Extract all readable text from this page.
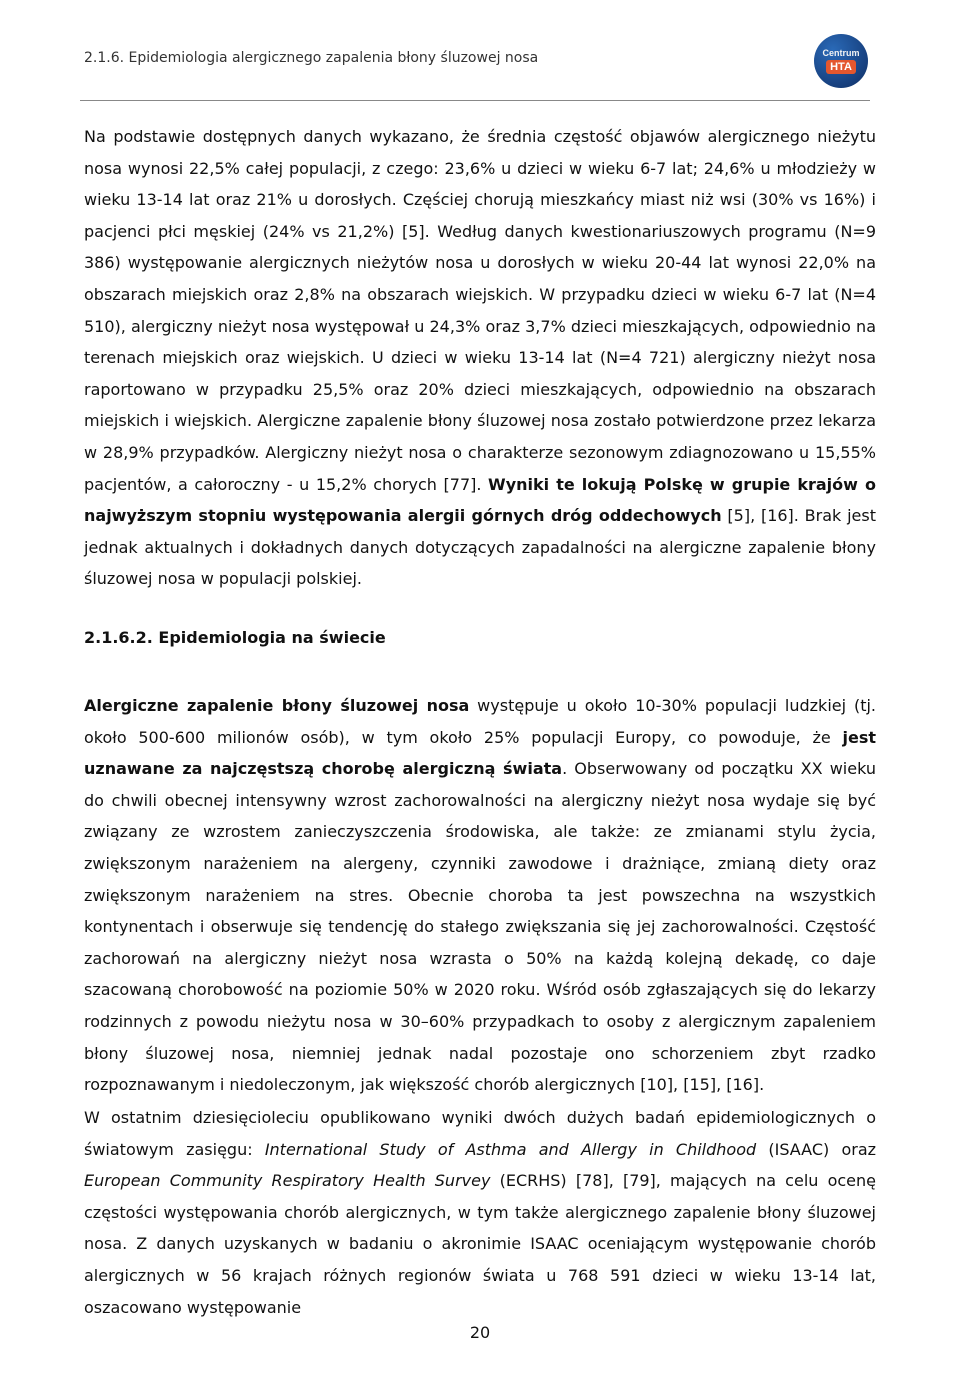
2.1.6. Epidemiologia alergicznego zapalenia błony śluzowej nosa	Centrum
HTA

Na podstawie dostępnych danych wykazano, że średnia częstość objawów alergicznego nieżytu nosa wynosi 22,5% całej populacji, z czego: 23,6% u dzieci w wieku 6-7 lat; 24,6% u młodzieży w wieku 13-14 lat oraz 21% u dorosłych. Częściej chorują mieszkańcy miast niż wsi (30% vs 16%) i pacjenci płci męskiej (24% vs 21,2%) [5]. Według danych kwestionariuszowych programu (N=9 386) występowanie alergicznych nieżytów nosa u dorosłych w wieku 20-44 lat wynosi 22,0% na obszarach miejskich oraz 2,8% na obszarach wiejskich. W przypadku dzieci w wieku 6-7 lat (N=4 510), alergiczny nieżyt nosa występował u 24,3% oraz 3,7% dzieci mieszkających, odpowiednio na terenach miejskich oraz wiejskich. U dzieci w wieku 13-14 lat (N=4 721) alergiczny nieżyt nosa raportowano w przypadku 25,5% oraz 20% dzieci mieszkających, odpowiednio na obszarach miejskich i wiejskich. Alergiczne zapalenie błony śluzowej nosa zostało potwierdzone przez lekarza w 28,9% przypadków. Alergiczny nieżyt nosa o charakterze sezonowym zdiagnozowano u 15,55% pacjentów, a całoroczny - u 15,2% chorych [77]. Wyniki te lokują Polskę w grupie krajów o najwyższym stopniu występowania alergii górnych dróg oddechowych [5], [16]. Brak jest jednak aktualnych i dokładnych danych dotyczących zapadalności na alergiczne zapalenie błony śluzowej nosa w populacji polskiej.

2.1.6.2. Epidemiologia na świecie

Alergiczne zapalenie błony śluzowej nosa występuje u około 10-30% populacji ludzkiej (tj. około 500-600 milionów osób), w tym około 25% populacji Europy, co powoduje, że jest uznawane za najczęstszą chorobę alergiczną świata. Obserwowany od początku XX wieku do chwili obecnej intensywny wzrost zachorowalności na alergiczny nieżyt nosa wydaje się być związany ze wzrostem zanieczyszczenia środowiska, ale także: ze zmianami stylu życia, zwiększonym narażeniem na alergeny, czynniki zawodowe i drażniące, zmianą diety oraz zwiększonym narażeniem na stres. Obecnie choroba ta jest powszechna na wszystkich kontynentach i obserwuje się tendencję do stałego zwiększania się jej zachorowalności. Częstość zachorowań na alergiczny nieżyt nosa wzrasta o 50% na każdą kolejną dekadę, co daje szacowaną chorobowość na poziomie 50% w 2020 roku. Wśród osób zgłaszających się do lekarzy rodzinnych z powodu nieżytu nosa w 30–60% przypadkach to osoby z alergicznym zapaleniem błony śluzowej nosa, niemniej jednak nadal pozostaje ono schorzeniem zbyt rzadko rozpoznawanym i niedoleczonym, jak większość chorób alergicznych [10], [15], [16].

W ostatnim dziesięcioleciu opublikowano wyniki dwóch dużych badań epidemiologicznych o światowym zasięgu: International Study of Asthma and Allergy in Childhood (ISAAC) oraz European Community Respiratory Health Survey (ECRHS) [78], [79], mających na celu ocenę częstości występowania chorób alergicznych, w tym także alergicznego zapalenie błony śluzowej nosa. Z danych uzyskanych w badaniu o akronimie ISAAC oceniającym występowanie chorób alergicznych w 56 krajach różnych regionów świata u 768 591 dzieci w wieku 13-14 lat, oszacowano występowanie

20
